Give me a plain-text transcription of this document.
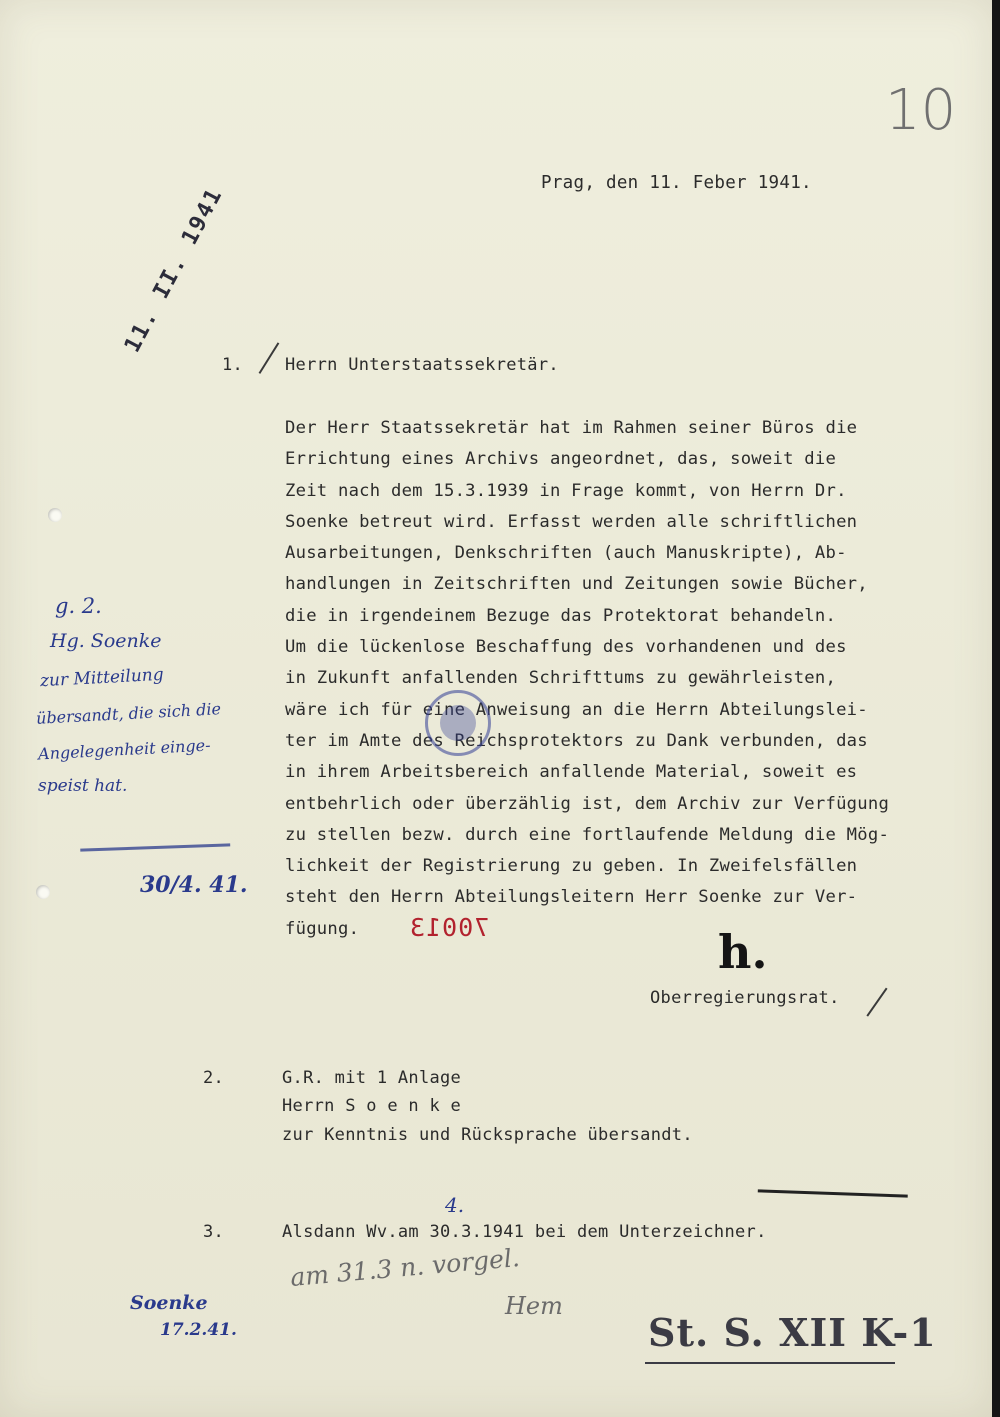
10
Prag, den 11. Feber 1941.
11. II. 1941
1. Herrn Unterstaatssekretär.
Der Herr Staatssekretär hat im Rahmen seiner Büros die
Errichtung eines Archivs angeordnet, das, soweit die
Zeit nach dem 15.3.1939 in Frage kommt, von Herrn Dr.
Soenke betreut wird. Erfasst werden alle schriftlichen
Ausarbeitungen, Denkschriften (auch Manuskripte), Ab-
handlungen in Zeitschriften und Zeitungen sowie Bücher,
die in irgendeinem Bezuge das Protektorat behandeln.
Um die lückenlose Beschaffung des vorhandenen und des
in Zukunft anfallenden Schrifttums zu gewährleisten,
wäre ich für eine Anweisung an die Herrn Abteilungslei-
ter im Amte des Reichsprotektors zu Dank verbunden, das
in ihrem Arbeitsbereich anfallende Material, soweit es
entbehrlich oder überzählig ist, dem Archiv zur Verfügung
zu stellen bezw. durch eine fortlaufende Meldung die Mög-
lichkeit der Registrierung zu geben. In Zweifelsfällen
steht den Herrn Abteilungsleitern Herr Soenke zur Ver-
fügung.
g. 2.
Hg. Soenke
zur Mitteilung
übersandt, die sich die
Angelegenheit einge-
speist hat.
30/4. 41.
70013	h.
Oberregierungsrat.
2.	G.R. mit 1 Anlage
Herrn S o e n k e
zur Kenntnis und Rücksprache übersandt.
3.	Alsdann Wv.am 30.3.1941 bei dem Unterzeichner.
4.
am 31.3 n. vorgel.
Hem
Soenke
17.2.41.	St. S. XII K-1
